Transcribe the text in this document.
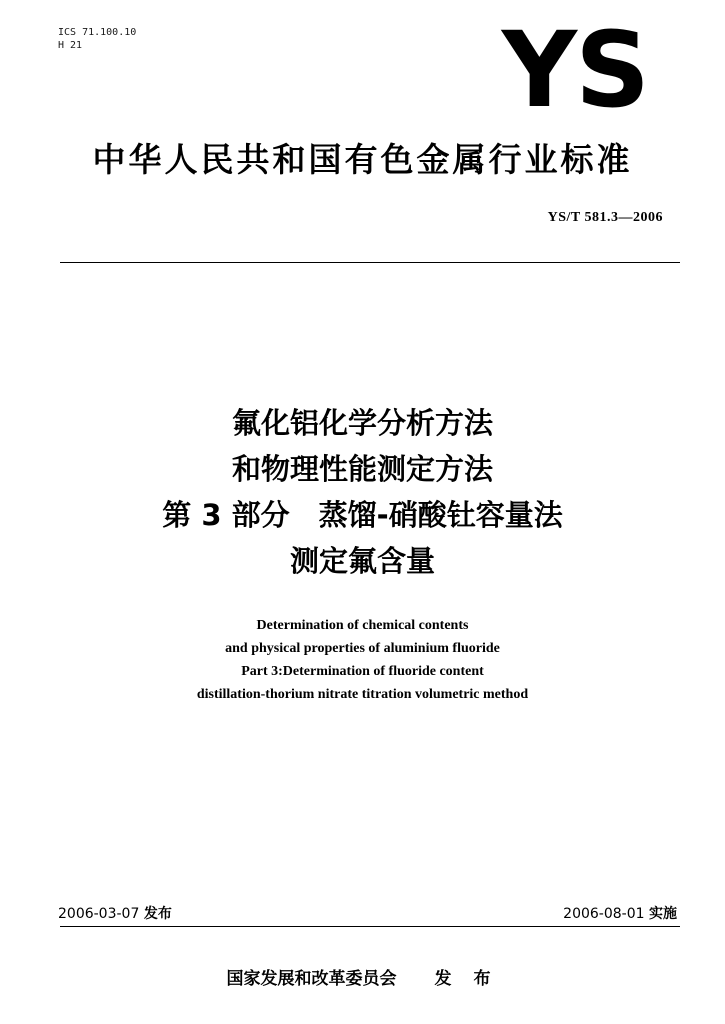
ICS 71.100.10
H 21	YS
中华人民共和国有色金属行业标准
YS/T 581.3—2006
氟化铝化学分析方法
和物理性能测定方法
第 3 部分　蒸馏-硝酸钍容量法
测定氟含量
Determination of chemical contents
and physical properties of aluminium fluoride
Part 3:Determination of fluoride content
distillation-thorium nitrate titration volumetric method
2006-03-07 发布	2006-08-01 实施
国家发展和改革委员会 发 布
